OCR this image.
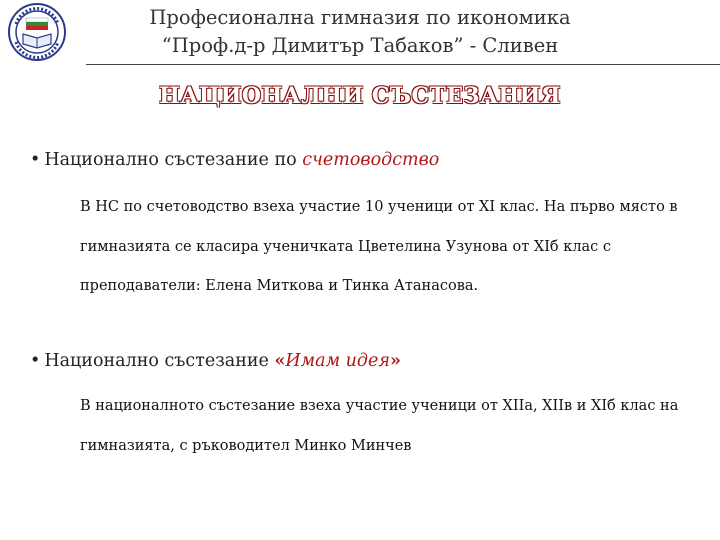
Професионална гимназия по икономика
“Проф.д-р Димитър Табаков” - Сливен
НАЦИОНАЛНИ СЪСТЕЗАНИЯ
• Национално състезание по счетоводство
В НС по счетоводство взеха участие 10 ученици от XI клас. На първо място в гимназията се класира ученичката Цветелина Узунова от XIб клас с преподаватели: Елена Миткова и Тинка Атанасова.
• Национално състезание «Имам идея»
В националното състезание взеха участие ученици от XIIа, XIIв и XIб клас на гимназията, с ръководител Минко Минчев
